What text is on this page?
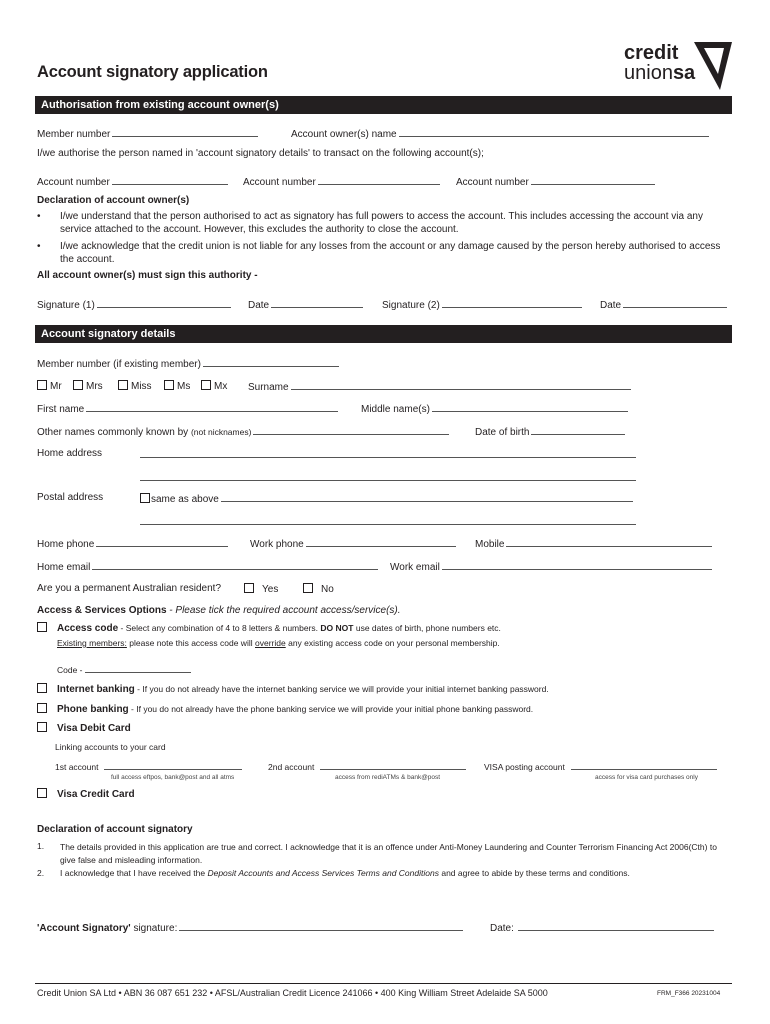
Account signatory application
credit
unionsa
Authorisation from existing account owner(s)
Member number	Account owner(s) name
I/we authorise the person named in 'account signatory details' to transact on the following account(s);
Account number	Account number	Account number
Declaration of account owner(s)
• I/we understand that the person authorised to act as signatory has full powers to access the account. This includes accessing the account via any service attached to the account. However, this excludes the authority to close the account.
• I/we acknowledge that the credit union is not liable for any losses from the account or any damage caused by the person hereby authorised to access the account.
All account owner(s) must sign this authority -
Signature (1)	Date	Signature (2)	Date
Account signatory details
Member number (if existing member)
Mr	Mrs	Miss	Ms	Mx Surname
First name	Middle name(s)
Other names commonly known by (not nicknames)	Date of birth
Home address
Postal address	same as above
Home phone	Work phone	Mobile
Home email	Work email
Are you a permanent Australian resident?	Yes	No
Access & Services Options - Please tick the required account access/service(s).
Access code - Select any combination of 4 to 8 letters & numbers. DO NOT use dates of birth, phone numbers etc.
Existing members: please note this access code will override any existing access code on your personal membership.
Code -
Internet banking - If you do not already have the internet banking service we will provide your initial internet banking password.
Phone banking - If you do not already have the phone banking service we will provide your initial phone banking password.
Visa Debit Card
Linking accounts to your card
1st account	2nd account	VISA posting account
full access eftpos, bank@post and all atms	access from rediATMs & bank@post	access for visa card purchases only
Visa Credit Card
Declaration of account signatory
1. The details provided in this application are true and correct. I acknowledge that it is an offence under Anti-Money Laundering and Counter Terrorism Financing Act 2006(Cth) to give false and misleading information.
2. I acknowledge that I have received the Deposit Accounts and Access Services Terms and Conditions and agree to abide by these terms and conditions.
'Account Signatory' signature:	Date:
Credit Union SA Ltd • ABN 36 087 651 232 • AFSL/Australian Credit Licence 241066 • 400 King William Street Adelaide SA 5000	FRM_F366 20231004
